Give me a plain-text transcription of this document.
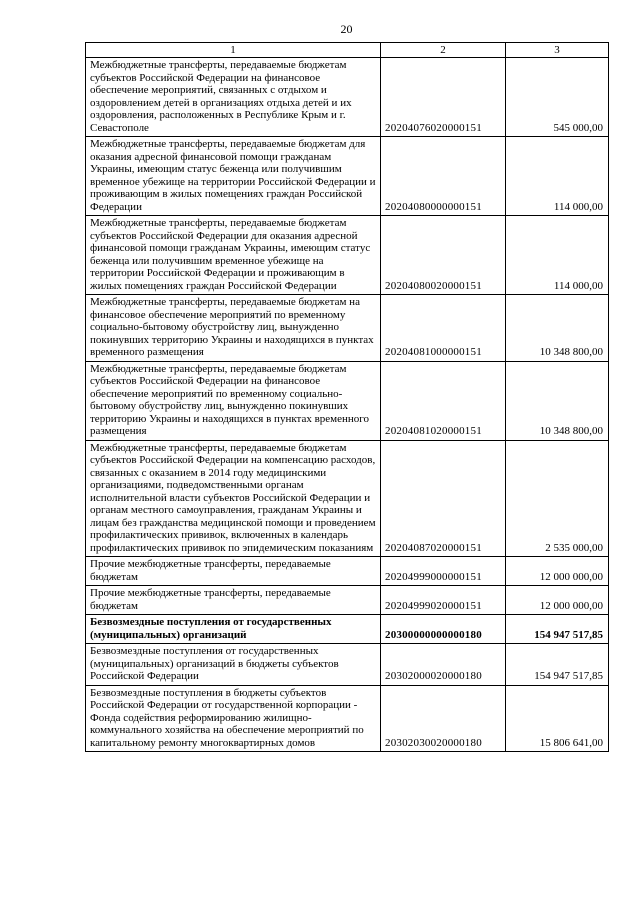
20
1	2	3
Межбюджетные трансферты, передаваемые бюджетам субъектов Российской Федерации на финансовое обеспечение мероприятий, связанных с отдыхом и оздоровлением детей в организациях отдыха детей и их оздоровления, расположенных в Республике Крым и г. Севастополе	20204076020000151	545 000,00
Межбюджетные трансферты, передаваемые бюджетам для оказания адресной финансовой помощи гражданам Украины, имеющим статус беженца или получившим временное убежище на территории Российской Федерации и проживающим в жилых помещениях граждан Российской Федерации	20204080000000151	114 000,00
Межбюджетные трансферты, передаваемые бюджетам субъектов Российской Федерации для оказания адресной финансовой помощи гражданам Украины, имеющим статус беженца или получившим временное убежище на территории Российской Федерации и проживающим в жилых помещениях граждан Российской Федерации	20204080020000151	114 000,00
Межбюджетные трансферты, передаваемые бюджетам на финансовое обеспечение мероприятий по временному социально-бытовому обустройству лиц, вынужденно покинувших территорию Украины и находящихся в пунктах временного размещения	20204081000000151	10 348 800,00
Межбюджетные трансферты, передаваемые бюджетам субъектов Российской Федерации на финансовое обеспечение мероприятий по временному социально-бытовому обустройству лиц, вынужденно покинувших территорию Украины и находящихся в пунктах временного размещения	20204081020000151	10 348 800,00
Межбюджетные трансферты, передаваемые бюджетам субъектов Российской Федерации на компенсацию расходов, связанных с оказанием в 2014 году медицинскими организациями, подведомственными органам исполнительной власти субъектов Российской Федерации и органам местного самоуправления, гражданам Украины и лицам без гражданства медицинской помощи и проведением профилактических прививок, включенных в календарь профилактических прививок по эпидемическим показаниям	20204087020000151	2 535 000,00
Прочие межбюджетные трансферты, передаваемые бюджетам	20204999000000151	12 000 000,00
Прочие межбюджетные трансферты, передаваемые бюджетам	20204999020000151	12 000 000,00
Безвозмездные поступления от государственных (муниципальных) организаций	20300000000000180	154 947 517,85
Безвозмездные поступления от государственных (муниципальных) организаций в бюджеты субъектов Российской Федерации	20302000020000180	154 947 517,85
Безвозмездные поступления в бюджеты субъектов Российской Федерации от государственной корпорации - Фонда содействия реформированию жилищно-коммунального хозяйства на обеспечение мероприятий по капитальному ремонту многоквартирных домов	20302030020000180	15 806 641,00
